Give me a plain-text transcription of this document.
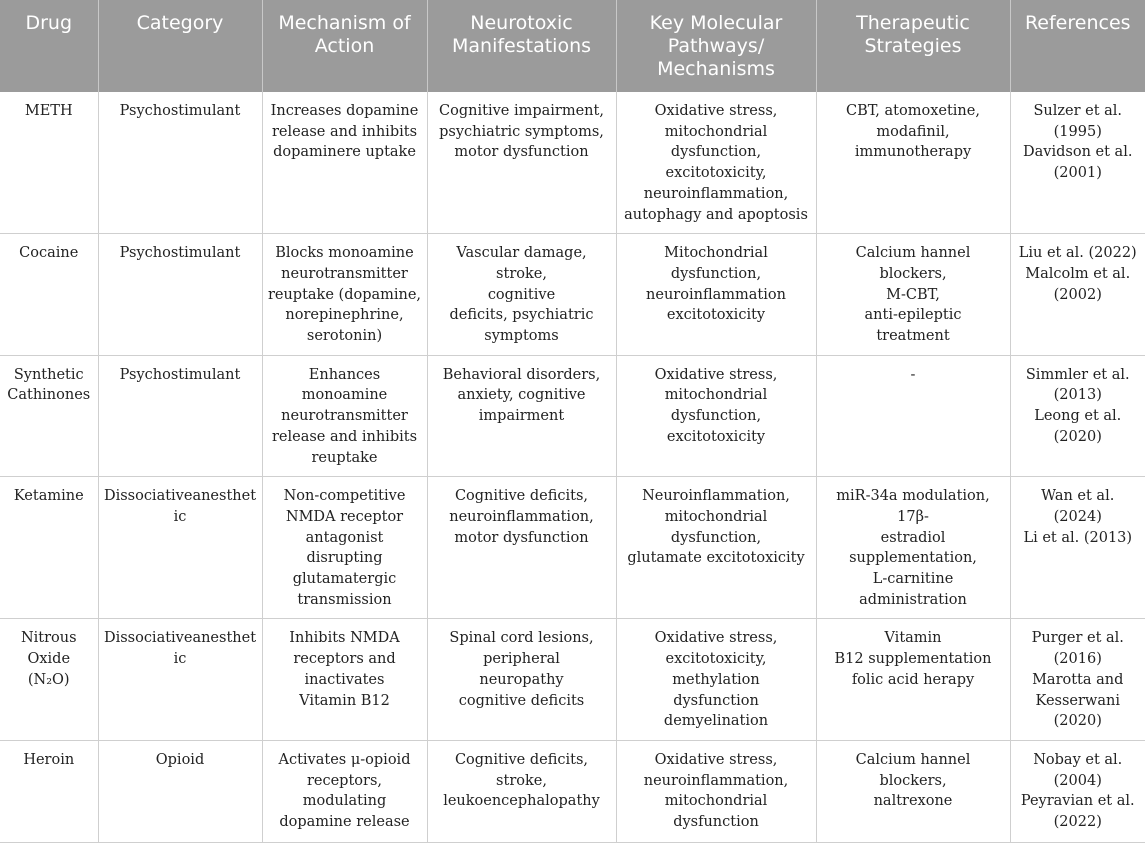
Drug	Category	Mechanism of Action	Neurotoxic Manifestations	Key Molecular Pathways/ Mechanisms	Therapeutic Strategies	References
METH	Psychostimulant	Increases dopamine
release and inhibits
dopaminere uptake	Cognitive impairment,
psychiatric symptoms,
motor dysfunction	Oxidative stress,
mitochondrial dysfunction,
excitotoxicity,
neuroinflammation,
autophagy and apoptosis	CBT, atomoxetine,
modafinil,
immunotherapy	Sulzer et al.
(1995)
Davidson et al.
(2001)
Cocaine	Psychostimulant	Blocks monoamine
neurotransmitter
reuptake (dopamine,
norepinephrine,
serotonin)	Vascular damage, stroke,
cognitive
deficits, psychiatric
symptoms	Mitochondrial dysfunction,
neuroinflammation
excitotoxicity	Calcium hannel blockers,
M-CBT,
anti-epileptic
treatment	Liu et al. (2022)
Malcolm et al.
(2002)
Synthetic
Cathinones	Psychostimulant	Enhances monoamine
neurotransmitter
release and inhibits
reuptake	Behavioral disorders,
anxiety, cognitive
impairment	Oxidative stress,
mitochondrial dysfunction,
excitotoxicity	-	Simmler et al.
(2013)
Leong et al.
(2020)
Ketamine	Dissociativeanesthetic	Non-competitive
NMDA receptor
antagonist disrupting
glutamatergic
transmission	Cognitive deficits,
neuroinflammation,
motor dysfunction	Neuroinflammation,
mitochondrial dysfunction,
glutamate excitotoxicity	miR-34a modulation, 17β-
estradiol supplementation,
L-carnitine administration	Wan et al. (2024)
Li et al. (2013)
Nitrous
Oxide
(N₂O)	Dissociativeanesthetic	Inhibits NMDA
receptors and
inactivates
Vitamin B12	Spinal cord lesions,
peripheral
neuropathy
cognitive deficits	Oxidative stress,
excitotoxicity, methylation
dysfunction
demyelination	Vitamin
B12 supplementation
folic acid herapy	Purger et al.
(2016)
Marotta and
Kesserwani
(2020)
Heroin	Opioid	Activates μ-opioid
receptors, modulating
dopamine release	Cognitive deficits, stroke,
leukoencephalopathy	Oxidative stress,
neuroinflammation,
mitochondrial
dysfunction	Calcium hannel blockers,
naltrexone	Nobay et al.
(2004)
Peyravian et al.
(2022)
